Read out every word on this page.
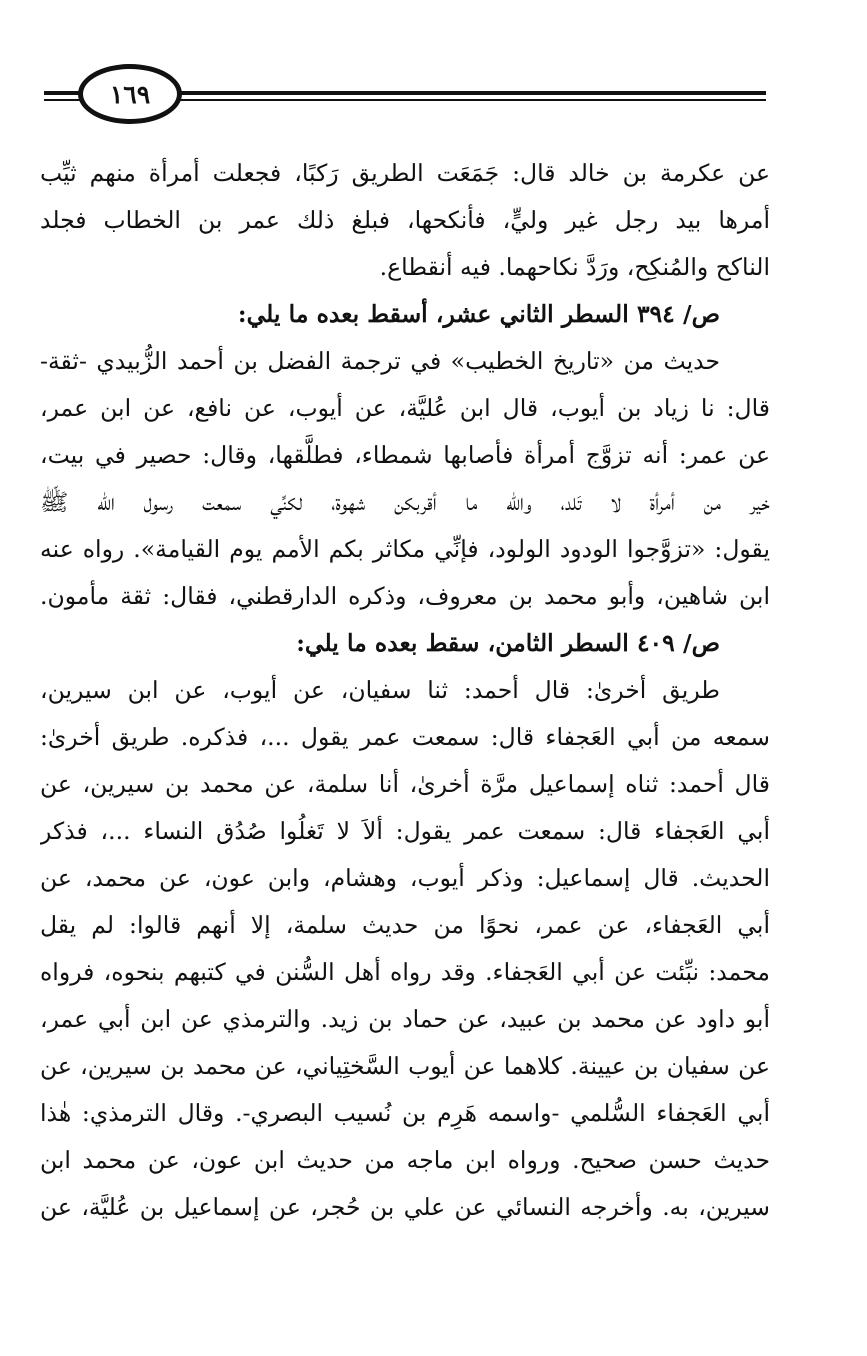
١٦٩
عن عكرمة بن خالد قال: جَمَعَت الطريق رَكبًا، فجعلت أمرأة منهم ثيِّب
أمرها بيد رجل غير وليٍّ، فأنكحها، فبلغ ذلك عمر بن الخطاب فجلد
الناكح والمُنكِح، ورَدَّ نكاحهما. فيه أنقطاع.
ص/ ٣٩٤ السطر الثاني عشر، أسقط بعده ما يلي:
حديث من «تاريخ الخطيب» في ترجمة الفضل بن أحمد الزُّبيدي -ثقة-
قال: نا زياد بن أيوب، قال ابن عُليَّة، عن أيوب، عن نافع، عن ابن عمر،
عن عمر: أنه تزوَّج أمرأة فأصابها شمطاء، فطلَّقها، وقال: حصير في بيت،
خير من أمرأة لا تَلد، والله ما أقربكن شهوة، لكنِّي سمعت رسول الله ﷺ
يقول: «تزوَّجوا الودود الولود، فإنِّي مكاثر بكم الأمم يوم القيامة». رواه عنه
ابن شاهين، وأبو محمد بن معروف، وذكره الدارقطني، فقال: ثقة مأمون.
ص/ ٤٠٩ السطر الثامن، سقط بعده ما يلي:
طريق أخرىٰ: قال أحمد: ثنا سفيان، عن أيوب، عن ابن سيرين،
سمعه من أبي العَجفاء قال: سمعت عمر يقول ...، فذكره. طريق أخرىٰ:
قال أحمد: ثناه إسماعيل مرَّة أخرىٰ، أنا سلمة، عن محمد بن سيرين، عن
أبي العَجفاء قال: سمعت عمر يقول: ألاَ لا تَغلُوا صُدُق النساء ...، فذكر
الحديث. قال إسماعيل: وذكر أيوب، وهشام، وابن عون، عن محمد، عن
أبي العَجفاء، عن عمر، نحوًا من حديث سلمة، إلا أنهم قالوا: لم يقل
محمد: نبِّئت عن أبي العَجفاء. وقد رواه أهل السُّنن في كتبهم بنحوه، فرواه
أبو داود عن محمد بن عبيد، عن حماد بن زيد. والترمذي عن ابن أبي عمر،
عن سفيان بن عيينة. كلاهما عن أيوب السَّختِياني، عن محمد بن سيرين، عن
أبي العَجفاء السُّلمي -واسمه هَرِم بن نُسيب البصري-. وقال الترمذي: هٰذا
حديث حسن صحيح. ورواه ابن ماجه من حديث ابن عون، عن محمد ابن
سيرين، به. وأخرجه النسائي عن علي بن حُجر، عن إسماعيل بن عُليَّة، عن
